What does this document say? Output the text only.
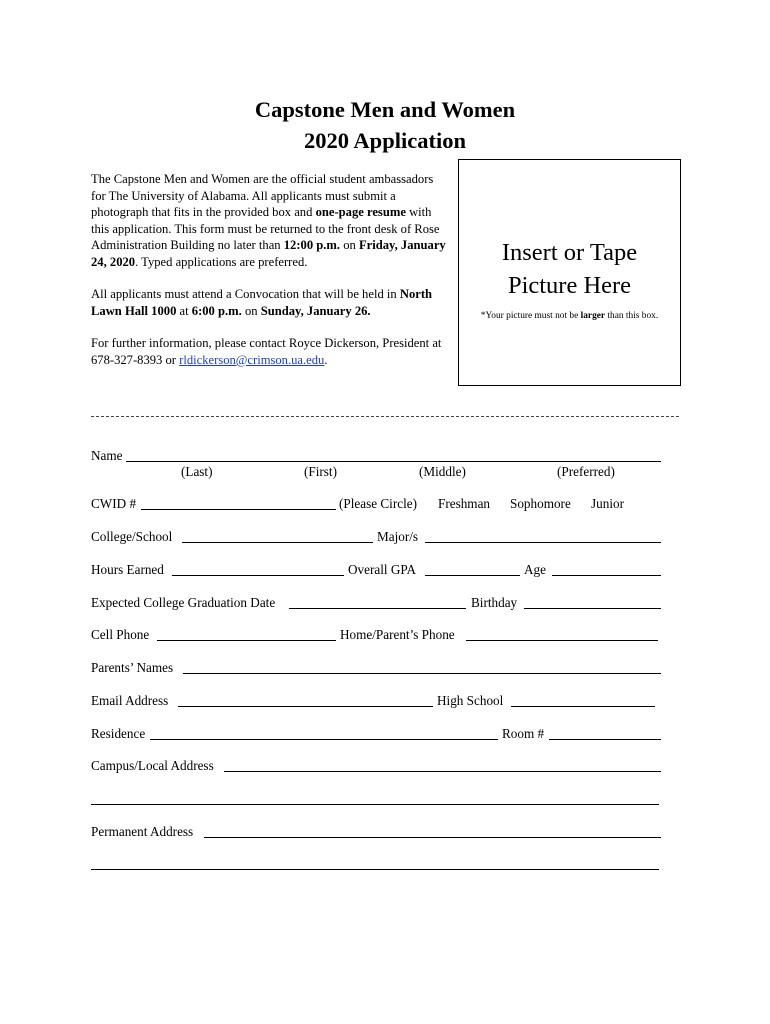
Capstone Men and Women
2020 Application

The Capstone Men and Women are the official student ambassadors for The University of Alabama. All applicants must submit a photograph that fits in the provided box and one-page resume with this application. This form must be returned to the front desk of Rose Administration Building no later than 12:00 p.m. on Friday, January 24, 2020. Typed applications are preferred.

All applicants must attend a Convocation that will be held in North Lawn Hall 1000 at 6:00 p.m. on Sunday, January 26.

For further information, please contact Royce Dickerson, President at 678-327-8393 or rldickerson@crimson.ua.edu.

Insert or Tape
Picture Here
*Your picture must not be larger than this box.
Name
(Last)	(First)	(Middle)	(Preferred)
CWID #	(Please Circle) Freshman Sophomore Junior
College/School	Major/s
Hours Earned	Overall GPA	Age
Expected College Graduation Date	Birthday
Cell Phone	Home/Parent’s Phone
Parents’ Names
Email Address	High School
Residence	Room #
Campus/Local Address
Permanent Address
